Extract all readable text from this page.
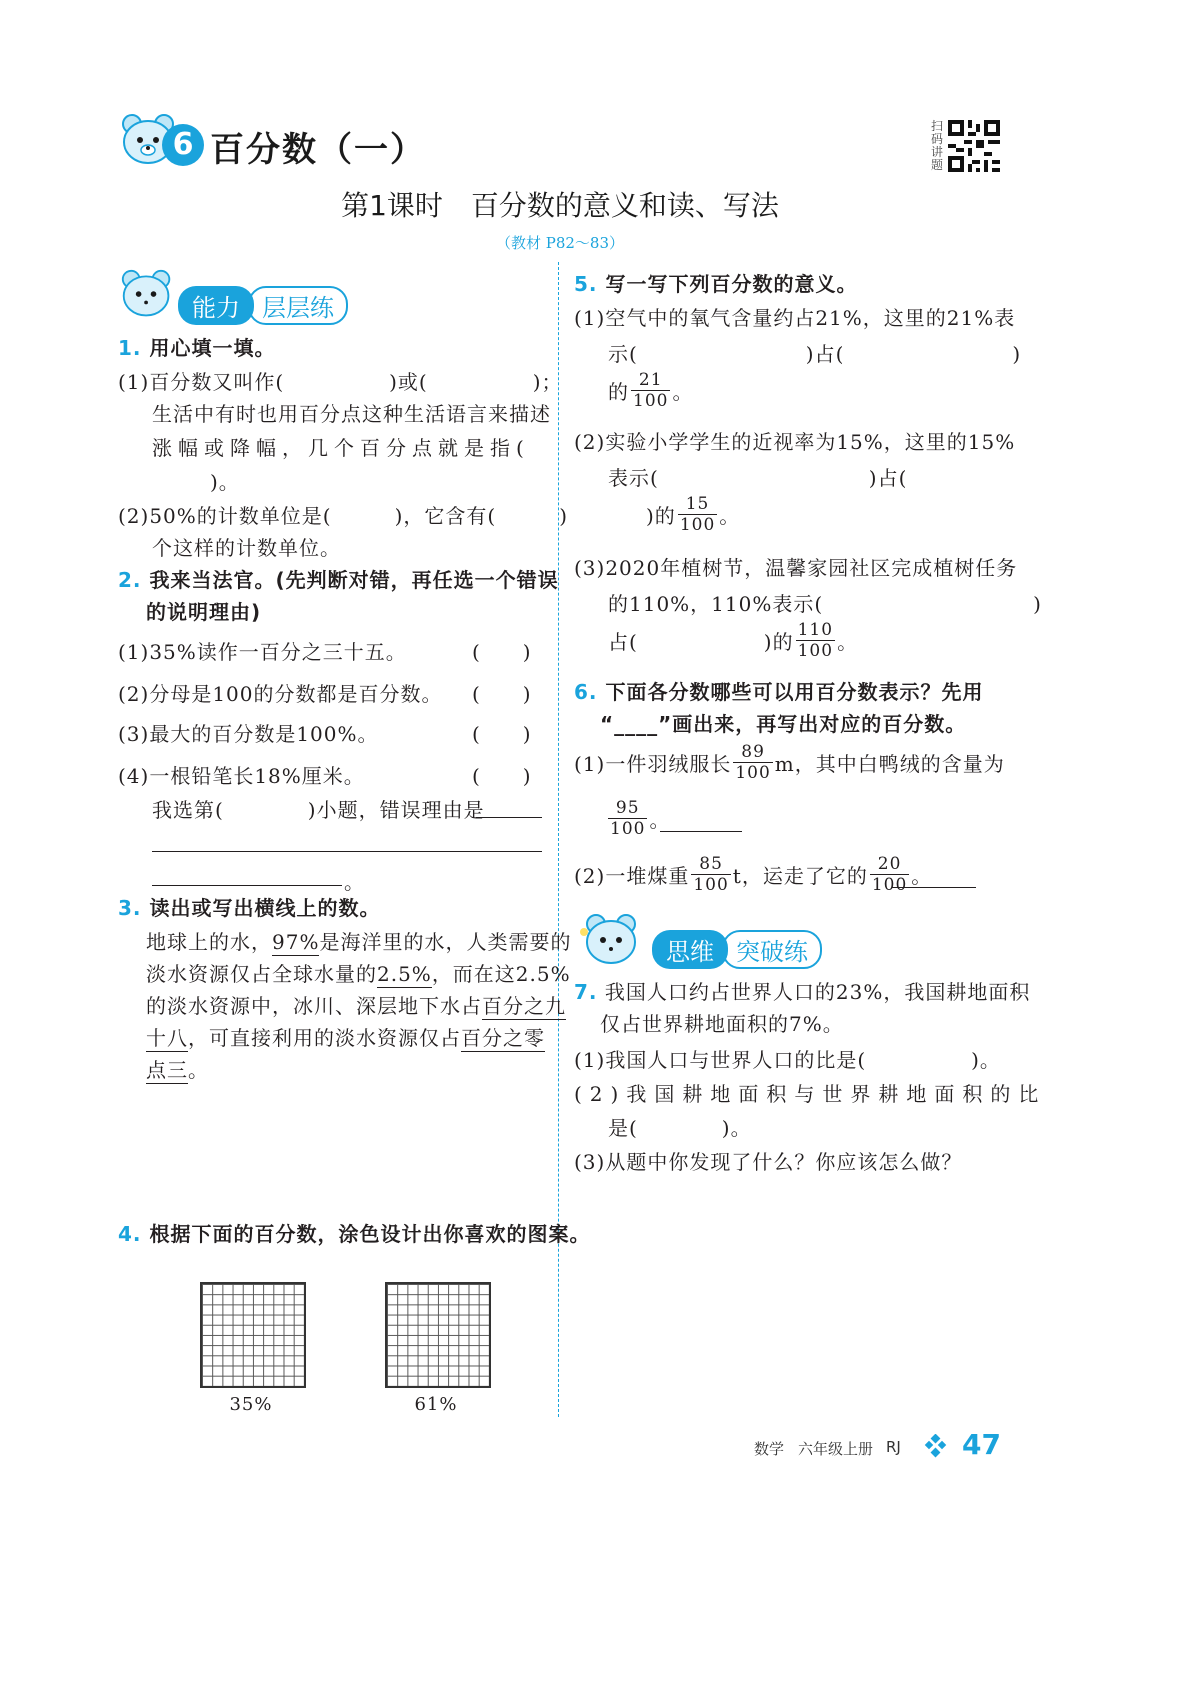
6 百分数（一）
扫码讲题
第1课时　百分数的意义和读、写法
（教材 P82～83）
能力 层层练
1. 用心填一填。
(1)百分数又叫作(　　　　　)或(　　　　　)；
生活中有时也用百分点这种生活语言来描述
涨幅或降幅，几个百分点就是指(
)。
(2)50%的计数单位是(　　　)，它含有(　　　)
个这样的计数单位。
2. 我来当法官。(先判断对错，再任选一个错误
的说明理由)
(1)35%读作一百分之三十五。	(　　)
(2)分母是100的分数都是百分数。 (　　)
(3)最大的百分数是100%。	(　　)
(4)一根铅笔长18%厘米。	(　　)
我选第(　　　　)小题，错误理由是
。
3. 读出或写出横线上的数。
地球上的水，97%是海洋里的水，人类需要的
淡水资源仅占全球水量的2.5%，而在这2.5%
的淡水资源中，冰川、深层地下水占百分之九
十八，可直接利用的淡水资源仅占百分之零
点三。
4. 根据下面的百分数，涂色设计出你喜欢的图案。
35%	61%
5. 写一写下列百分数的意义。
(1)空气中的氧气含量约占21%，这里的21%表
示(　　　　　　　　)占(　　　　　　　　)
的 $\frac{21}{100}$ 。
(2)实验小学学生的近视率为15%，这里的15%
表示(　　　　　　　　　　)占(
)的 $\frac{15}{100}$ 。
(3)2020年植树节，温馨家园社区完成植树任务
的110%，110%表示(　　　　　　　　　　)
占(　　　　　　)的 $\frac{110}{100}$ 。
6. 下面各分数哪些可以用百分数表示？先用
“____”画出来，再写出对应的百分数。
(1)一件羽绒服长 $\frac{89}{100}$ m，其中白鸭绒的含量为
$\frac{95}{100}$ 。
(2)一堆煤重 $\frac{85}{100}$ t，运走了它的 $\frac{20}{100}$ 。
思维 突破练
7. 我国人口约占世界人口的23%，我国耕地面积
仅占世界耕地面积的7%。
(1)我国人口与世界人口的比是(　　　　　)。
(2)我国耕地面积与世界耕地面积的比
是(　　　　)。
(3)从题中你发现了什么？你应该怎么做？
数学 六年级上册 RJ 47
